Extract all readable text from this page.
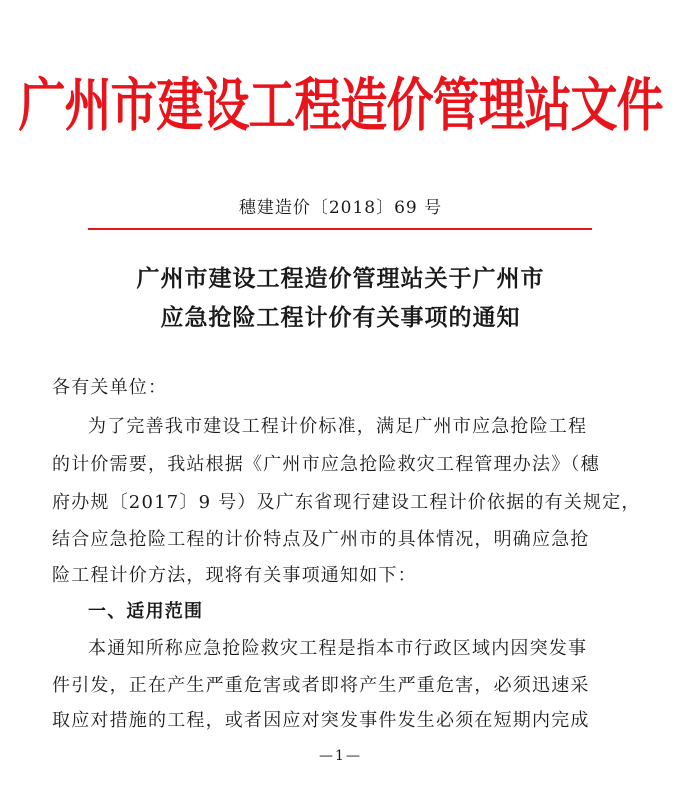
广州市建设工程造价管理站文件
穗建造价〔2018〕69 号
广州市建设工程造价管理站关于广州市
应急抢险工程计价有关事项的通知
各有关单位：
为了完善我市建设工程计价标准，满足广州市应急抢险工程
的计价需要，我站根据《广州市应急抢险救灾工程管理办法》（穗
府办规〔2017〕9 号）及广东省现行建设工程计价依据的有关规定，
结合应急抢险工程的计价特点及广州市的具体情况，明确应急抢
险工程计价方法，现将有关事项通知如下：
一、适用范围
本通知所称应急抢险救灾工程是指本市行政区域内因突发事
件引发，正在产生严重危害或者即将产生严重危害，必须迅速采
取应对措施的工程，或者因应对突发事件发生必须在短期内完成
—1—
